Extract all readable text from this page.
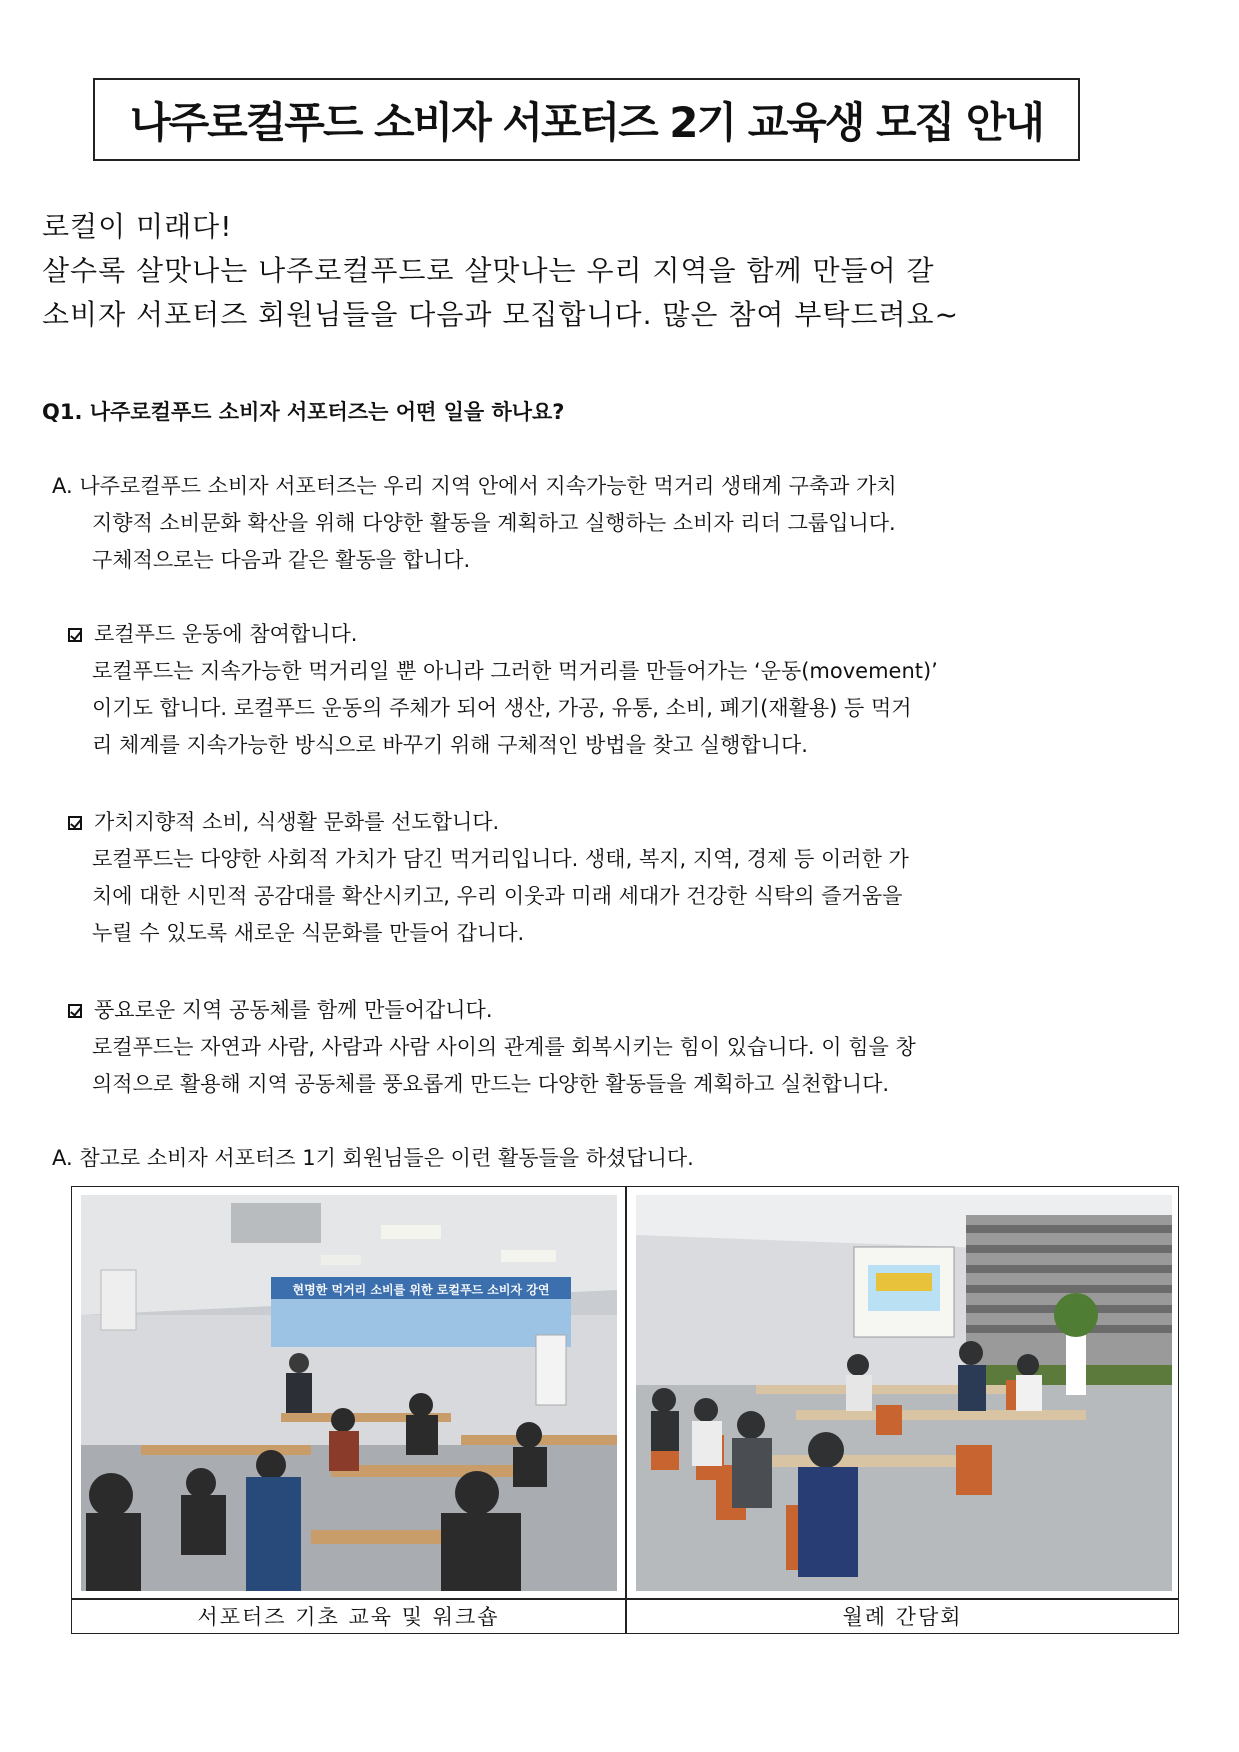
나주로컬푸드 소비자 서포터즈 2기 교육생 모집 안내

로컬이 미래다!

살수록 살맛나는 나주로컬푸드로 살맛나는 우리 지역을 함께 만들어 갈

소비자 서포터즈 회원님들을 다음과 모집합니다. 많은 참여 부탁드려요~

Q1. 나주로컬푸드 소비자 서포터즈는 어떤 일을 하나요?

A. 나주로컬푸드 소비자 서포터즈는 우리 지역 안에서 지속가능한 먹거리 생태계 구축과 가치
지향적 소비문화 확산을 위해 다양한 활동을 계획하고 실행하는 소비자 리더 그룹입니다.
구체적으로는 다음과 같은 활동을 합니다.
로컬푸드 운동에 참여합니다.
로컬푸드는 지속가능한 먹거리일 뿐 아니라 그러한 먹거리를 만들어가는 ‘운동(movement)’
이기도 합니다. 로컬푸드 운동의 주체가 되어 생산, 가공, 유통, 소비, 폐기(재활용) 등 먹거
리 체계를 지속가능한 방식으로 바꾸기 위해 구체적인 방법을 찾고 실행합니다.
가치지향적 소비, 식생활 문화를 선도합니다.
로컬푸드는 다양한 사회적 가치가 담긴 먹거리입니다. 생태, 복지, 지역, 경제 등 이러한 가
치에 대한 시민적 공감대를 확산시키고, 우리 이웃과 미래 세대가 건강한 식탁의 즐거움을
누릴 수 있도록 새로운 식문화를 만들어 갑니다.
풍요로운 지역 공동체를 함께 만들어갑니다.
로컬푸드는 자연과 사람, 사람과 사람 사이의 관계를 회복시키는 힘이 있습니다. 이 힘을 창
의적으로 활용해 지역 공동체를 풍요롭게 만드는 다양한 활동들을 계획하고 실천합니다.
A. 참고로 소비자 서포터즈 1기 회원님들은 이런 활동들을 하셨답니다.
현명한 먹거리 소비를 위한 로컬푸드 소비자 강연
서포터즈 기초 교육 및 워크숍	월례 간담회
